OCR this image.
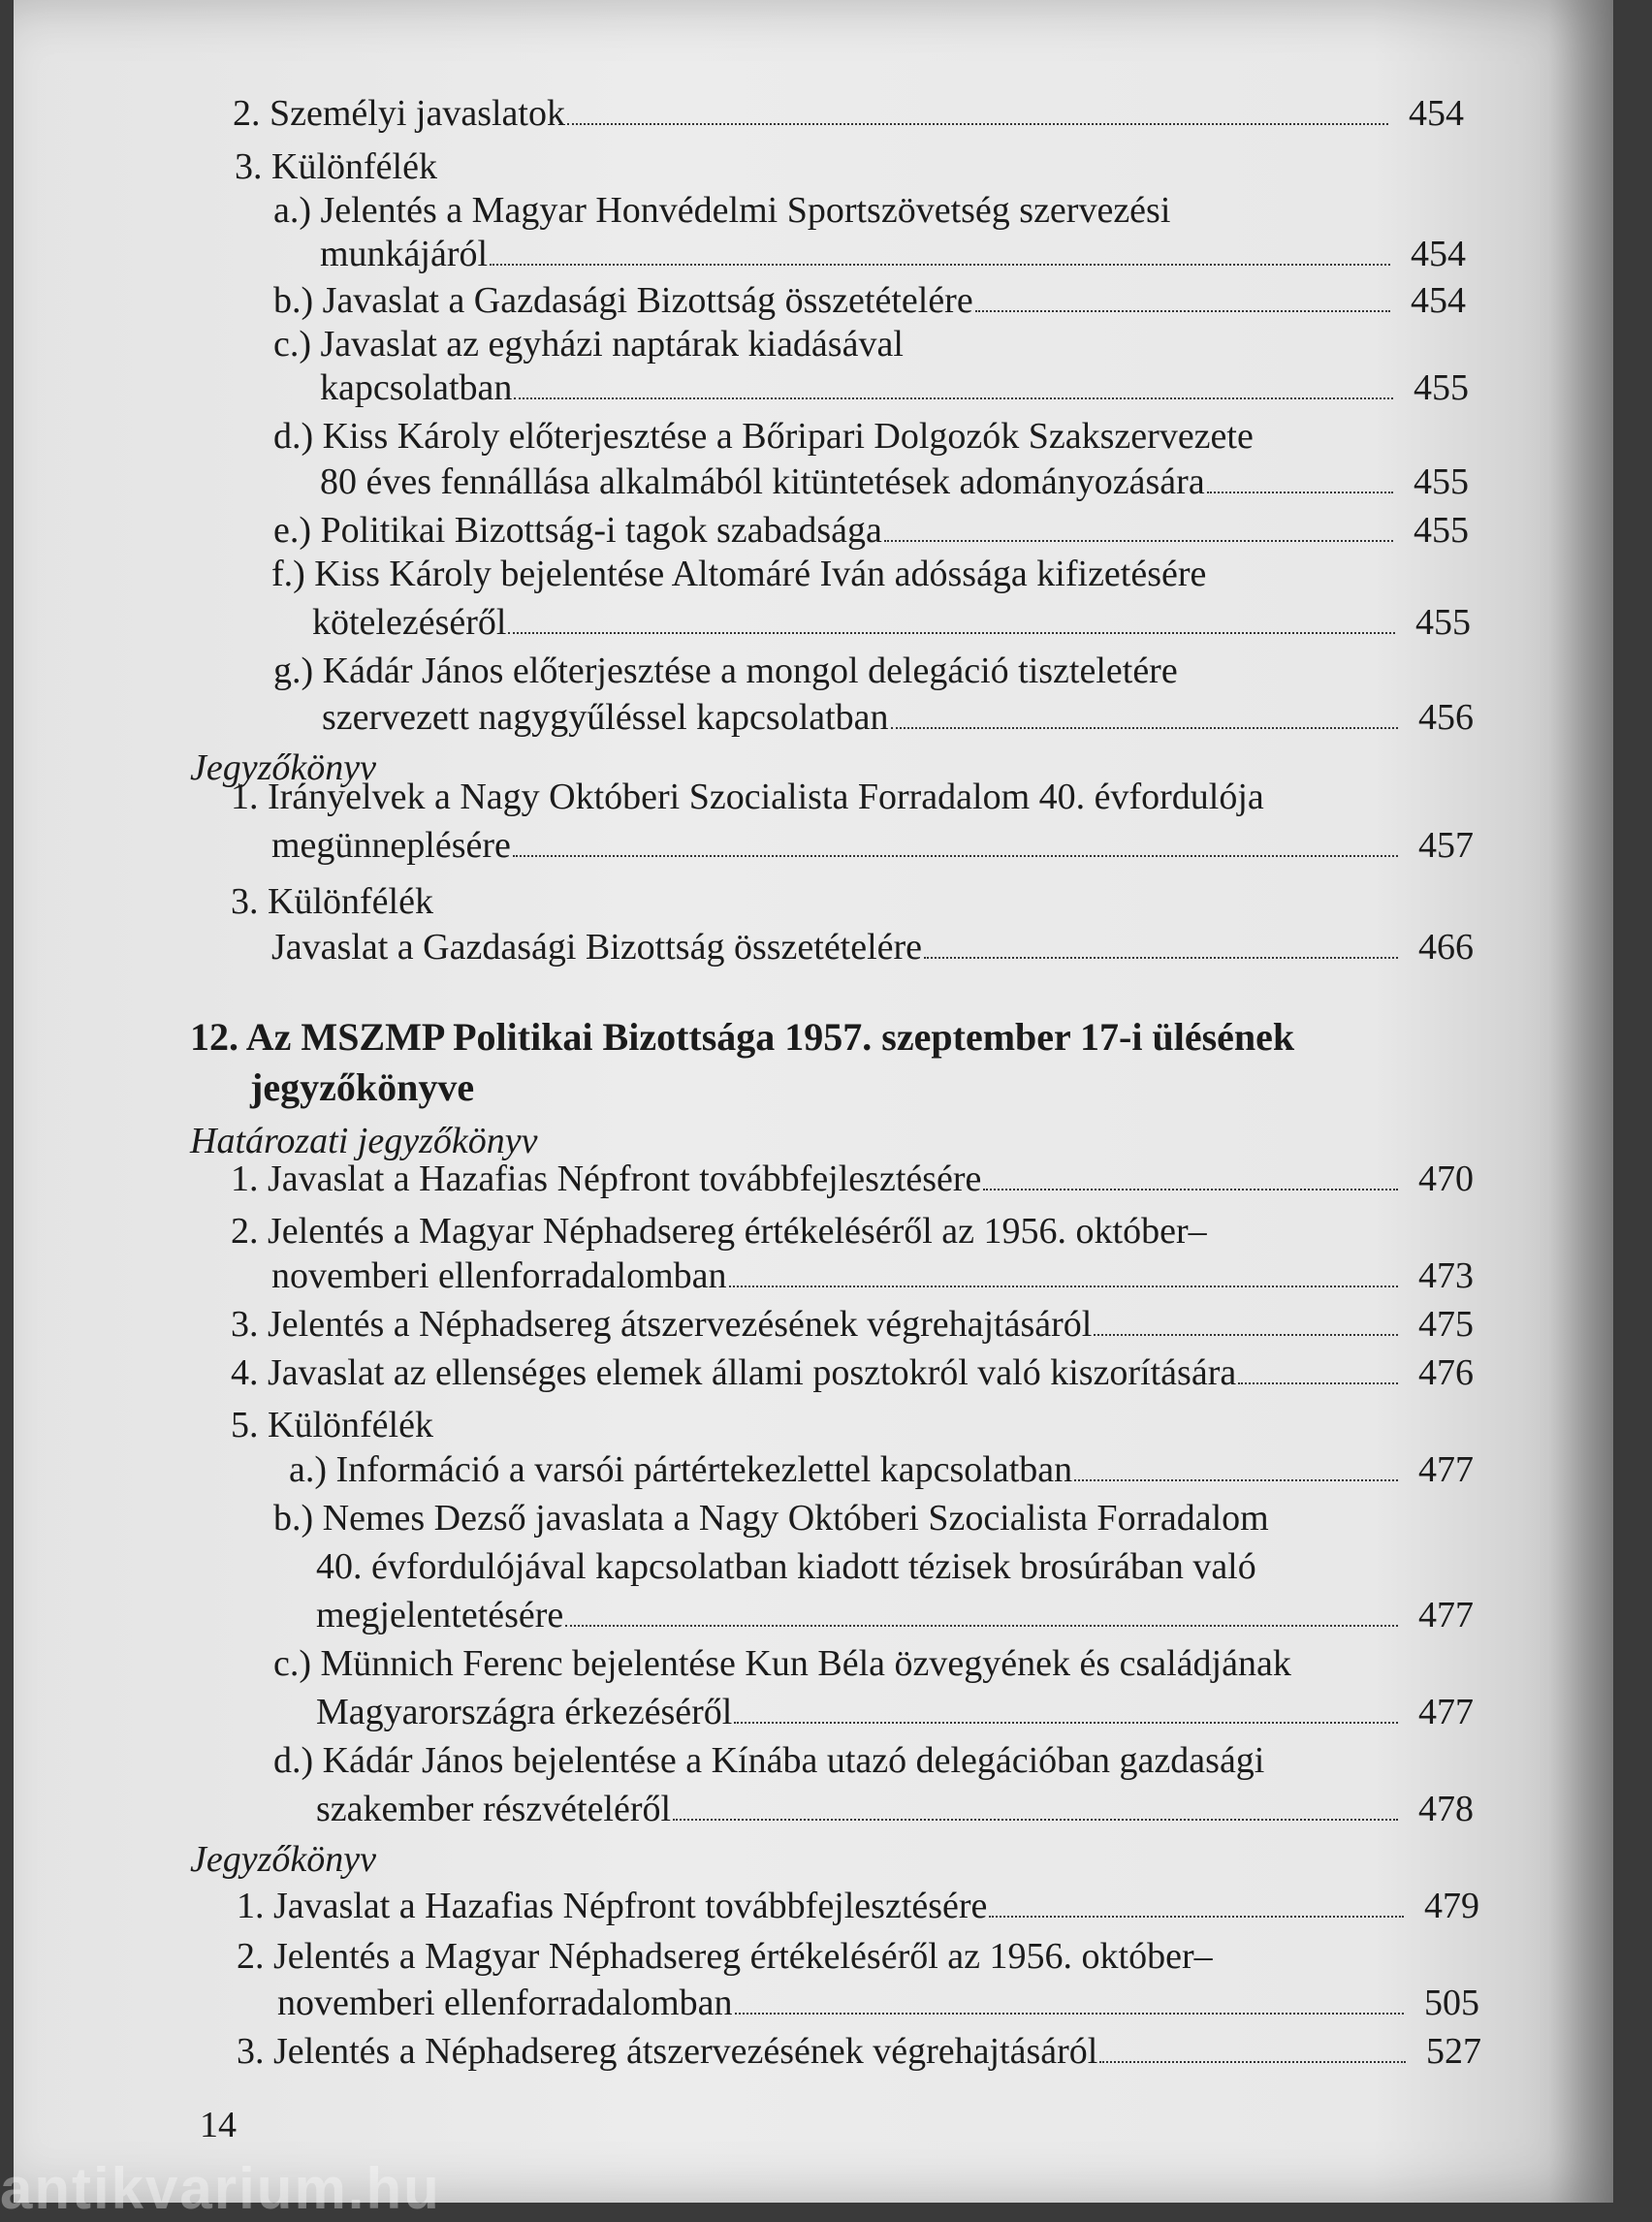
2. Személyi javaslatok	454
3. Különfélék
a.) Jelentés a Magyar Honvédelmi Sportszövetség szervezési
munkájáról	454
b.) Javaslat a Gazdasági Bizottság összetételére	454
c.) Javaslat az egyházi naptárak kiadásával
kapcsolatban	455
d.) Kiss Károly előterjesztése a Bőripari Dolgozók Szakszervezete
80 éves fennállása alkalmából kitüntetések adományozására	455
e.) Politikai Bizottság-i tagok szabadsága	455
f.) Kiss Károly bejelentése Altomáré Iván adóssága kifizetésére
kötelezéséről	455
g.) Kádár János előterjesztése a mongol delegáció tiszteletére
szervezett nagygyűléssel kapcsolatban	456
Jegyzőkönyv
1. Irányelvek a Nagy Októberi Szocialista Forradalom 40. évfordulója
megünneplésére	457
3. Különfélék
Javaslat a Gazdasági Bizottság összetételére	466
12. Az MSZMP Politikai Bizottsága 1957. szeptember 17-i ülésének
jegyzőkönyve
Határozati jegyzőkönyv
1. Javaslat a Hazafias Népfront továbbfejlesztésére	470
2. Jelentés a Magyar Néphadsereg értékeléséről az 1956. október–
novemberi ellenforradalomban	473
3. Jelentés a Néphadsereg átszervezésének végrehajtásáról	475
4. Javaslat az ellenséges elemek állami posztokról való kiszorítására	476
5. Különfélék
a.) Információ a varsói pártértekezlettel kapcsolatban	477
b.) Nemes Dezső javaslata a Nagy Októberi Szocialista Forradalom
40. évfordulójával kapcsolatban kiadott tézisek brosúrában való
megjelentetésére	477
c.) Münnich Ferenc bejelentése Kun Béla özvegyének és családjának
Magyarországra érkezéséről	477
d.) Kádár János bejelentése a Kínába utazó delegációban gazdasági
szakember részvételéről	478
Jegyzőkönyv
1. Javaslat a Hazafias Népfront továbbfejlesztésére	479
2. Jelentés a Magyar Néphadsereg értékeléséről az 1956. október–
novemberi ellenforradalomban	505
3. Jelentés a Néphadsereg átszervezésének végrehajtásáról	527
14
antikvarium.hu
